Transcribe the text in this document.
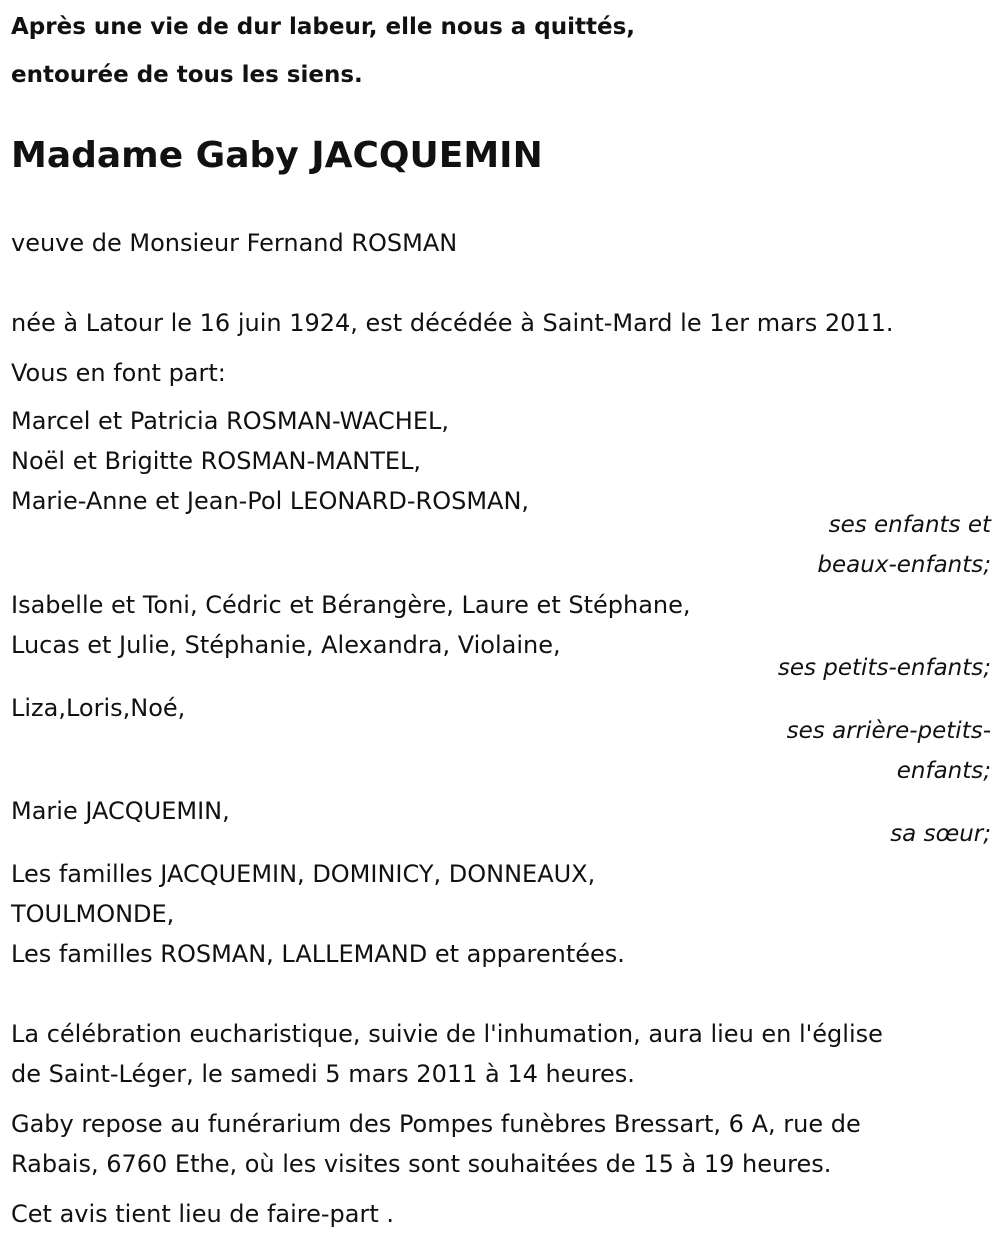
Après une vie de dur labeur, elle nous a quittés,
entourée de tous les siens.
Madame Gaby JACQUEMIN
veuve de Monsieur Fernand ROSMAN
née à Latour le 16 juin 1924, est décédée à Saint-Mard le 1er mars 2011.
Vous en font part:
Marcel et Patricia ROSMAN-WACHEL,
Noël et Brigitte ROSMAN-MANTEL,
Marie-Anne et Jean-Pol LEONARD-ROSMAN,
ses enfants et
beaux-enfants;
Isabelle et Toni, Cédric et Bérangère, Laure et Stéphane,
Lucas et Julie, Stéphanie, Alexandra, Violaine,
ses petits-enfants;
Liza,Loris,Noé,
ses arrière-petits-
enfants;
Marie JACQUEMIN,
sa sœur;
Les familles JACQUEMIN, DOMINICY, DONNEAUX,
TOULMONDE,
Les familles ROSMAN, LALLEMAND et apparentées.
La célébration eucharistique, suivie de l'inhumation, aura lieu en l'église
de Saint-Léger, le samedi 5 mars 2011 à 14 heures.
Gaby repose au funérarium des Pompes funèbres Bressart, 6 A, rue de
Rabais, 6760 Ethe, où les visites sont souhaitées de 15 à 19 heures.
Cet avis tient lieu de faire-part .
